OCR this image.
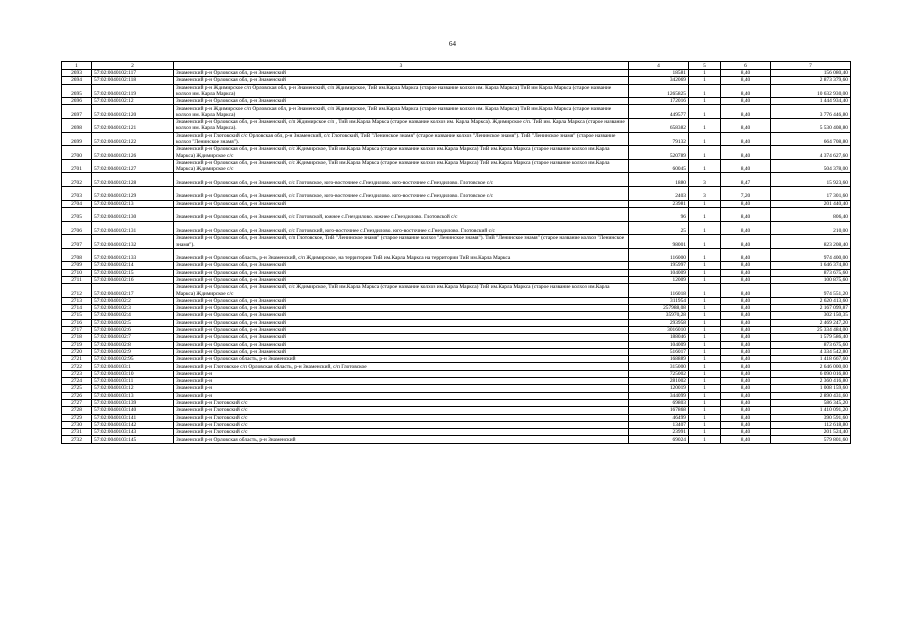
64
1	2	3	4	5	6	7
2693	57:02:0040102:117	Знаменский р-н Орловская обл, р-н Знаменский	18581	1	8,40	156 080,40
2694	57:02:0040102:118	Знаменский р-н Орловская обл, р-н Знаменский	342069	1	8,40	2 873 379,60
2695	57:02:0040102:119	Знаменский р-н Ждимирское с/п Орловская обл, р-н Знаменский, с/п Ждимирское, ТиВ им.Карла Маркса (старое название колхоз им. Карла Маркса) ТиВ им Карла Маркса (старое название колхоз им. Карла Маркса)	1265825	1	8,40	10 632 930,00
2696	57:02:0040102:12	Знаменский р-н Орловская обл, р-н Знаменский	172016	1	8,40	1 444 934,40
2697	57:02:0040102:120	Знаменский р-н Ждимирское с/п Орловская обл, р-н Знаменский, с/п Ждимирское, ТиВ им.Карла Маркса (старое название колхоз им. Карла Маркса) ТиВ им.Карла Маркса (старое название колхоз им. Карла Маркса)	449577	1	8,40	3 776 446,80
2698	57:02:0040102:121	Знаменский р-н Орловская обл, р-н Знаменский, с/п Ждимирское с/п , ТиВ им.Карла Маркса (старое название колхоз им. Карла Маркса). Ждимирское с/п. ТиВ им. Карла Маркса (старое название колхоз им. Карла Маркса).	658382	1	8,40	5 530 408,80
2699	57:02:0040102:122	Знаменский р-н Глотовский с/с Орловская обл, р-н Знаменский, с/с Глотовский, ТиВ "Ленинское знамя" (старое название колхоз "Ленинское знамя"). ТиВ "Ленинское знамя" (старое название колхоз "Ленинское знамя").	79132	1	8,40	664 708,80
2700	57:02:0040102:126	Знаменский р-н Орловская обл, р-н Знаменский, с/с Ждимирское, ТиВ им.Карла Маркса (старое название колхоз им.Карла Маркса) ТиВ им.Карла Маркса (старое название колхоз им.Карла Маркса) Ждимирское с/с	520789	1	8,40	4 374 627,60
2701	57:02:0040102:127	Знаменский р-н Орловская обл, р-н Знаменский, с/с Ждимирское, ТиВ им.Карла Маркса (старое название колхоз им.Карла Маркса) ТиВ им.Карла Маркса (старое название колхоз им.Карла Маркса) Ждимирское с/с	60045	1	8,40	504 378,00
2702	57:02:0040102:128	Знаменский р-н Орловская обл, р-н Знаменский, с/с Глотовское, юго-восточнее с.Гнездилово. юго-восточнее с.Гнездилово. Глотовское с/с	1880	3	8,47	15 923,60
2703	57:02:0040102:129	Знаменский р-н Орловская обл, р-н Знаменский, с/с Глотовское, юго-восточнее с.Гнездилово. юго-восточнее с.Гнездилово. Глотовское с/с	2403	3	7,20	17 301,60
2704	57:02:0040102:13	Знаменский р-н Орловская обл, р-н Знаменский	23981	1	8,40	201 440,40
2705	57:02:0040102:130	Знаменский р-н Орловская обл, р-н Знаменский, с/с Глотовской, южнее с.Гнездилово. южнее с.Гнездилово. Глотовской с/с	96	1	8,40	806,40
2706	57:02:0040102:131	Знаменский р-н Орловская обл, р-н Знаменский, с/с Глотовский, юго-восточнее с.Гнездилово. юго-восточнее с.Гнездилово. Глотовский с/с	25	1	8,40	210,00
2707	57:02:0040102:132	Знаменский р-н Орловская обл, р-н Знаменский, с/п Глотовское, ТиВ "Ленинское знамя" (старое название колхоз "Ленинское знамя"). ТиВ "Ленинское знамя" (старое название колхоз "Ленинское знамя").	98001	1	8,40	823 208,40
2708	57:02:0040102:133	Знаменский р-н Орловская область, р-н Знаменский, с/п Ждимирское, на территории ТиВ им.Карла Маркса на территории ТиВ им.Карла Маркса	116000	1	8,40	974 400,00
2709	57:02:0040102:14	Знаменский р-н Орловская обл, р-н Знаменский	195997	1	8,40	1 646 374,80
2710	57:02:0040102:15	Знаменский р-н Орловская обл, р-н Знаменский	104009	1	8,40	873 675,60
2711	57:02:0040102:16	Знаменский р-н Орловская обл, р-н Знаменский	12009	1	8,40	100 875,60
2712	57:02:0040102:17	Знаменский р-н Орловская обл, р-н Знаменский, с/с Ждимирское, ТиВ им.Карла Маркса (старое название колхоз им.Карла Маркса) ТиВ им.Карла Маркса (старое название колхоз им.Карла Маркса) Ждимирское с/с	116018	1	8,40	974 551,20
2713	57:02:0040102:2	Знаменский р-н Орловская обл, р-н Знаменский	311954	1	8,40	2 620 413,60
2714	57:02:0040102:3	Знаменский р-н Орловская обл, р-н Знаменский	257988,08	1	8,40	2 167 099,87
2715	57:02:0040102:4	Знаменский р-н Орловская обл, р-н Знаменский	35970,28	1	8,40	302 150,35
2716	57:02:0040102:5	Знаменский р-н Орловская обл, р-н Знаменский	293958	1	8,40	2 469 247,20
2717	57:02:0040102:6	Знаменский р-н Орловская обл, р-н Знаменский	3016010	1	8,40	25 334 484,00
2718	57:02:0040102:7	Знаменский р-н Орловская обл, р-н Знаменский	188046	1	8,40	1 579 586,40
2719	57:02:0040102:8	Знаменский р-н Орловская обл, р-н Знаменский	104009	1	8,40	873 675,60
2720	57:02:0040102:9	Знаменский р-н Орловская обл, р-н Знаменский	516017	1	8,40	4 334 542,80
2721	57:02:0040102:95	Знаменский р-н Орловская область, р-н Знаменский	168889	1	8,40	1 418 667,60
2722	57:02:0040103:1	Знаменский р-н Глотовское с/п Орловская область, р-н Знаменский, с/п Глотовское	315000	1	8,40	2 646 000,00
2723	57:02:0040103:10	Знаменский р-н	725002	1	8,40	6 090 016,80
2724	57:02:0040103:11	Знаменский р-н	281002	1	8,40	2 360 416,80
2725	57:02:0040103:12	Знаменский р-н	120019	1	8,40	1 008 159,60
2726	57:02:0040103:13	Знаменский р-н	344099	1	8,40	2 890 431,60
2727	57:02:0040103:139	Знаменский р-н Глотовский с/с	69803	1	8,40	586 345,20
2728	57:02:0040103:140	Знаменский р-н Глотовский с/с	167868	1	8,40	1 410 091,20
2729	57:02:0040103:141	Знаменский р-н Глотовский с/с	46499	1	8,40	390 591,60
2730	57:02:0040103:142	Знаменский р-н Глотовский с/с	13407	1	8,40	112 618,80
2731	57:02:0040103:143	Знаменский р-н Глотовский с/с	23991	1	8,40	201 524,40
2732	57:02:0040103:145	Знаменский р-н Орловская область, р-н Знаменский	69024	1	8,40	579 801,60
